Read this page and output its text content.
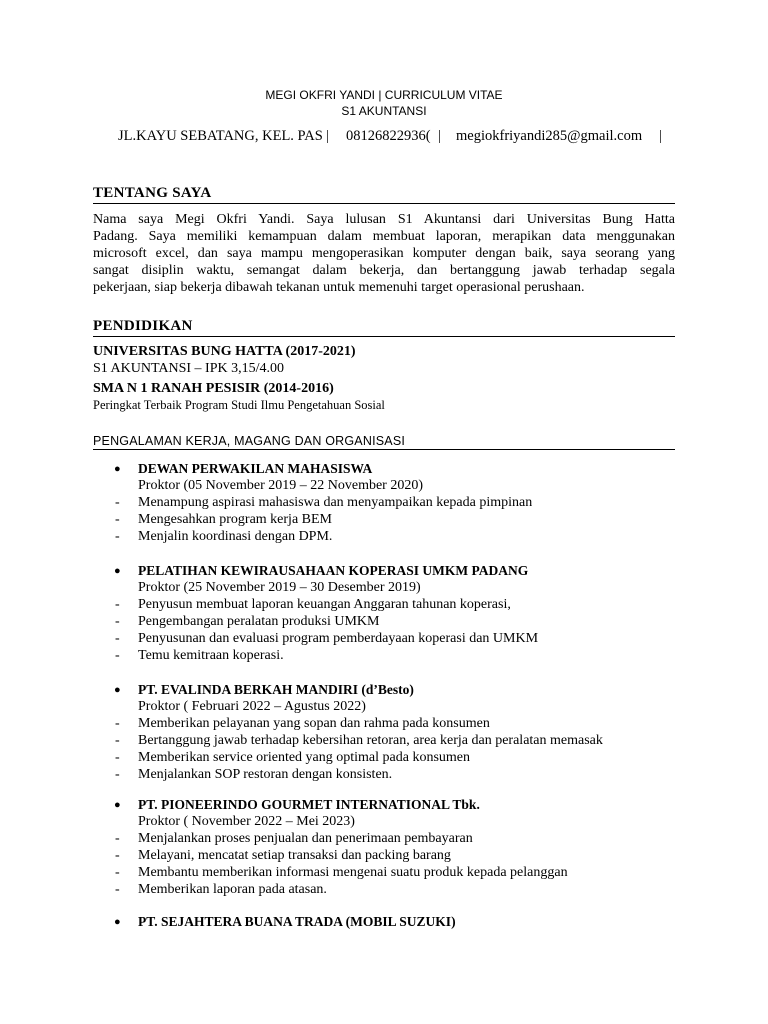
MEGI OKFRI YANDI | CURRICULUM VITAE
S1 AKUNTANSI
JL.KAYU SEBATANG, KEL. PAS | 08126822936( | megiokfriyandi285@gmail.com |
TENTANG SAYA
Nama saya Megi Okfri Yandi. Saya lulusan S1 Akuntansi dari Universitas Bung Hatta
Padang. Saya memiliki kemampuan dalam membuat laporan, merapikan data menggunakan
microsoft excel, dan saya mampu mengoperasikan komputer dengan baik, saya seorang yang
sangat disiplin waktu, semangat dalam bekerja, dan bertanggung jawab terhadap segala
pekerjaan, siap bekerja dibawah tekanan untuk memenuhi target operasional perushaan.
PENDIDIKAN
UNIVERSITAS BUNG HATTA (2017-2021)
S1 AKUNTANSI – IPK 3,15/4.00
SMA N 1 RANAH PESISIR (2014-2016)
Peringkat Terbaik Program Studi Ilmu Pengetahuan Sosial
PENGALAMAN KERJA, MAGANG DAN ORGANISASI
● DEWAN PERWAKILAN MAHASISWA
Proktor (05 November 2019 – 22 November 2020)
- Menampung aspirasi mahasiswa dan menyampaikan kepada pimpinan
- Mengesahkan program kerja BEM
- Menjalin koordinasi dengan DPM.
● PELATIHAN KEWIRAUSAHAAN KOPERASI UMKM PADANG
Proktor (25 November 2019 – 30 Desember 2019)
- Penyusun membuat laporan keuangan Anggaran tahunan koperasi,
- Pengembangan peralatan produksi UMKM
- Penyusunan dan evaluasi program pemberdayaan koperasi dan UMKM
- Temu kemitraan koperasi.
● PT. EVALINDA BERKAH MANDIRI (d’Besto)
Proktor ( Februari 2022 – Agustus 2022)
- Memberikan pelayanan yang sopan dan rahma pada konsumen
- Bertanggung jawab terhadap kebersihan retoran, area kerja dan peralatan memasak
- Memberikan service oriented yang optimal pada konsumen
- Menjalankan SOP restoran dengan konsisten.
● PT. PIONEERINDO GOURMET INTERNATIONAL Tbk.
Proktor ( November 2022 – Mei 2023)
- Menjalankan proses penjualan dan penerimaan pembayaran
- Melayani, mencatat setiap transaksi dan packing barang
- Membantu memberikan informasi mengenai suatu produk kepada pelanggan
- Memberikan laporan pada atasan.
● PT. SEJAHTERA BUANA TRADA (MOBIL SUZUKI)
